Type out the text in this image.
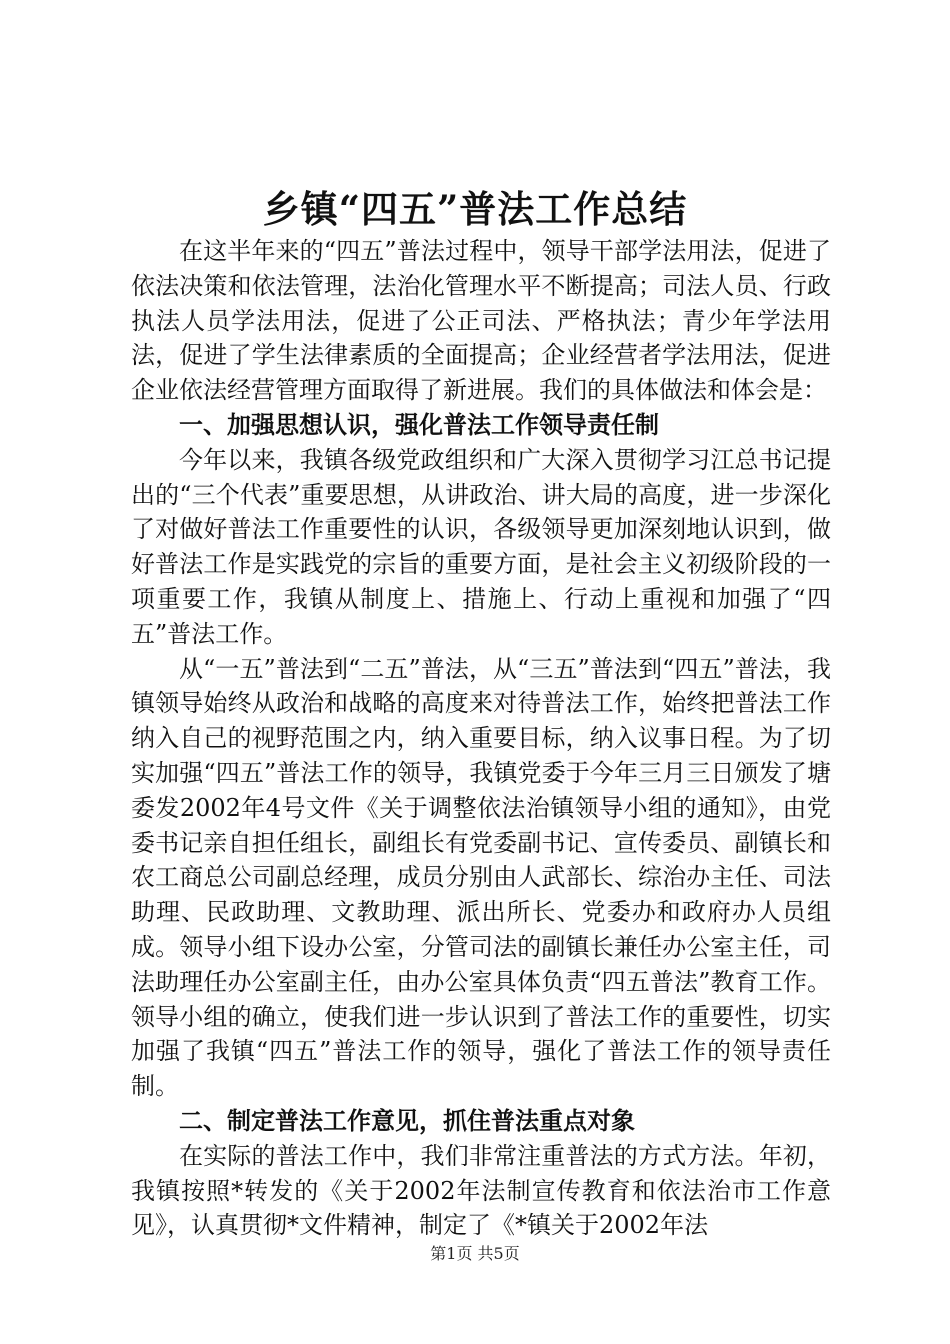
乡镇“四五”普法工作总结

在这半年来的“四五”普法过程中，领导干部学法用法，促进了依法决策和依法管理，法治化管理水平不断提高；司法人员、行政执法人员学法用法，促进了公正司法、严格执法；青少年学法用法，促进了学生法律素质的全面提高；企业经营者学法用法，促进企业依法经营管理方面取得了新进展。我们的具体做法和体会是：

一、加强思想认识，强化普法工作领导责任制

今年以来，我镇各级党政组织和广大深入贯彻学习江总书记提出的“三个代表”重要思想，从讲政治、讲大局的高度，进一步深化了对做好普法工作重要性的认识，各级领导更加深刻地认识到，做好普法工作是实践党的宗旨的重要方面，是社会主义初级阶段的一项重要工作，我镇从制度上、措施上、行动上重视和加强了“四五”普法工作。

从“一五”普法到“二五”普法，从“三五”普法到“四五”普法，我镇领导始终从政治和战略的高度来对待普法工作，始终把普法工作纳入自己的视野范围之内，纳入重要目标，纳入议事日程。为了切实加强“四五”普法工作的领导，我镇党委于今年三月三日颁发了塘委发2002年4号文件《关于调整依法治镇领导小组的通知》，由党委书记亲自担任组长，副组长有党委副书记、宣传委员、副镇长和农工商总公司副总经理，成员分别由人武部长、综治办主任、司法助理、民政助理、文教助理、派出所长、党委办和政府办人员组成。领导小组下设办公室，分管司法的副镇长兼任办公室主任，司法助理任办公室副主任，由办公室具体负责“四五普法”教育工作。领导小组的确立，使我们进一步认识到了普法工作的重要性，切实加强了我镇“四五”普法工作的领导，强化了普法工作的领导责任制。

二、制定普法工作意见，抓住普法重点对象

在实际的普法工作中，我们非常注重普法的方式方法。年初，我镇按照*转发的《关于2002年法制宣传教育和依法治市工作意见》，认真贯彻*文件精神，制定了《*镇关于2002年法

第1页 共5页
